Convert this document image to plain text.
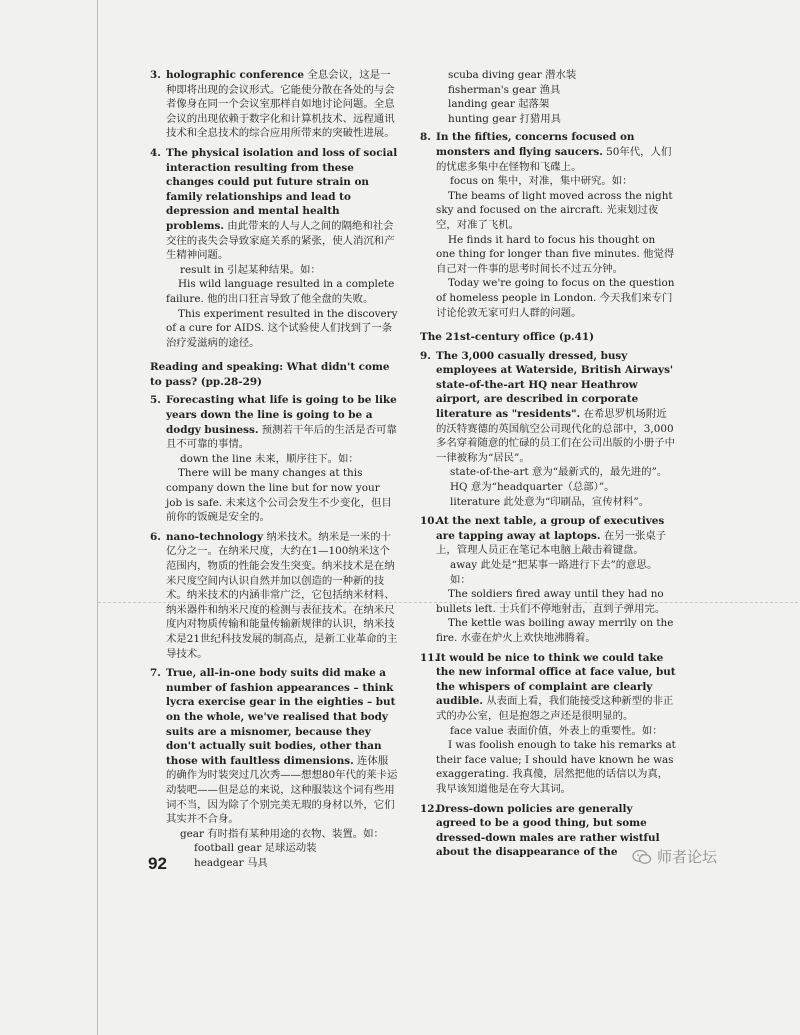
3. holographic conference 全息会议，这是一种即将出现的会议形式。它能使分散在各处的与会者像身在同一个会议室那样自如地讨论问题。全息会议的出现依赖于数字化和计算机技术、远程通讯技术和全息技术的综合应用所带来的突破性进展。
4. The physical isolation and loss of social interaction resulting from these changes could put future strain on family relationships and lead to depression and mental health problems. 由此带来的人与人之间的隔绝和社会交往的丧失会导致家庭关系的紧张，使人消沉和产生精神问题。
result in 引起某种结果。如：
His wild language resulted in a complete failure. 他的出口狂言导致了他全盘的失败。
This experiment resulted in the discovery of a cure for AIDS. 这个试验使人们找到了一条治疗爱滋病的途径。
Reading and speaking: What didn't come to pass? (pp.28-29)
5. Forecasting what life is going to be like years down the line is going to be a dodgy business. 预测若干年后的生活是否可靠且不可靠的事情。
down the line 未来，顺序往下。如：
There will be many changes at this company down the line but for now your job is safe. 未来这个公司会发生不少变化，但目前你的饭碗是安全的。
6. nano-technology 纳米技术。纳米是一米的十亿分之一。在纳米尺度，大约在1—100纳米这个范围内，物质的性能会发生突变。纳米技术是在纳米尺度空间内认识自然并加以创造的一种新的技术。纳米技术的内涵非常广泛，它包括纳米材料、纳米器件和纳米尺度的检测与表征技术。在纳米尺度内对物质传输和能量传输新规律的认识，纳米技术是21世纪科技发展的制高点，是新工业革命的主导技术。
7. True, all-in-one body suits did make a number of fashion appearances – think lycra exercise gear in the eighties – but on the whole, we've realised that body suits are a misnomer, because they don't actually suit bodies, other than those with faultless dimensions. 连体服的确作为时装突过几次秀——想想80年代的莱卡运动装吧——但是总的来说，这种服装这个词有些用词不当，因为除了个别完美无瑕的身材以外，它们其实并不合身。
gear 有时指有某种用途的衣物、装置。如：
football gear 足球运动装
headgear 马具
scuba diving gear 潜水装
fisherman's gear 渔具
landing gear 起落架
hunting gear 打猎用具
8. In the fifties, concerns focused on monsters and flying saucers. 50年代，人们的忧虑多集中在怪物和飞碟上。
focus on 集中，对准，集中研究。如：
The beams of light moved across the night sky and focused on the aircraft. 光束划过夜空，对准了飞机。
He finds it hard to focus his thought on one thing for longer than five minutes. 他觉得自己对一件事的思考时间长不过五分钟。
Today we're going to focus on the question of homeless people in London. 今天我们来专门讨论伦敦无家可归人群的问题。
The 21st-century office (p.41)
9. The 3,000 casually dressed, busy employees at Waterside, British Airways' state-of-the-art HQ near Heathrow airport, are described in corporate literature as "residents". 在希思罗机场附近的沃特赛德的英国航空公司现代化的总部中，3,000多名穿着随意的忙碌的员工们在公司出版的小册子中一律被称为“居民”。
state-of-the-art 意为“最新式的，最先进的”。
HQ 意为“headquarter（总部）”。
literature 此处意为“印刷品，宣传材料”。
10.
At the next table, a group of executives are tapping away at laptops. 在另一张桌子上，管理人员正在笔记本电脑上敲击着键盘。
away 此处是“把某事一路进行下去”的意思。如：
The soldiers fired away until they had no bullets left. 士兵们不停地射击，直到子弹用完。
The kettle was boiling away merrily on the fire. 水壶在炉火上欢快地沸腾着。
11.
It would be nice to think we could take the new informal office at face value, but the whispers of complaint are clearly audible. 从表面上看，我们能接受这种新型的非正式的办公室，但是抱怨之声还是很明显的。
face value 表面价值，外表上的重要性。如：
I was foolish enough to take his remarks at their face value; I should have known he was exaggerating. 我真傻，居然把他的话信以为真，我早该知道他是在夸大其词。
12.
Dress-down policies are generally agreed to be a good thing, but some dressed-down males are rather wistful about the disappearance of the
92	师者论坛
